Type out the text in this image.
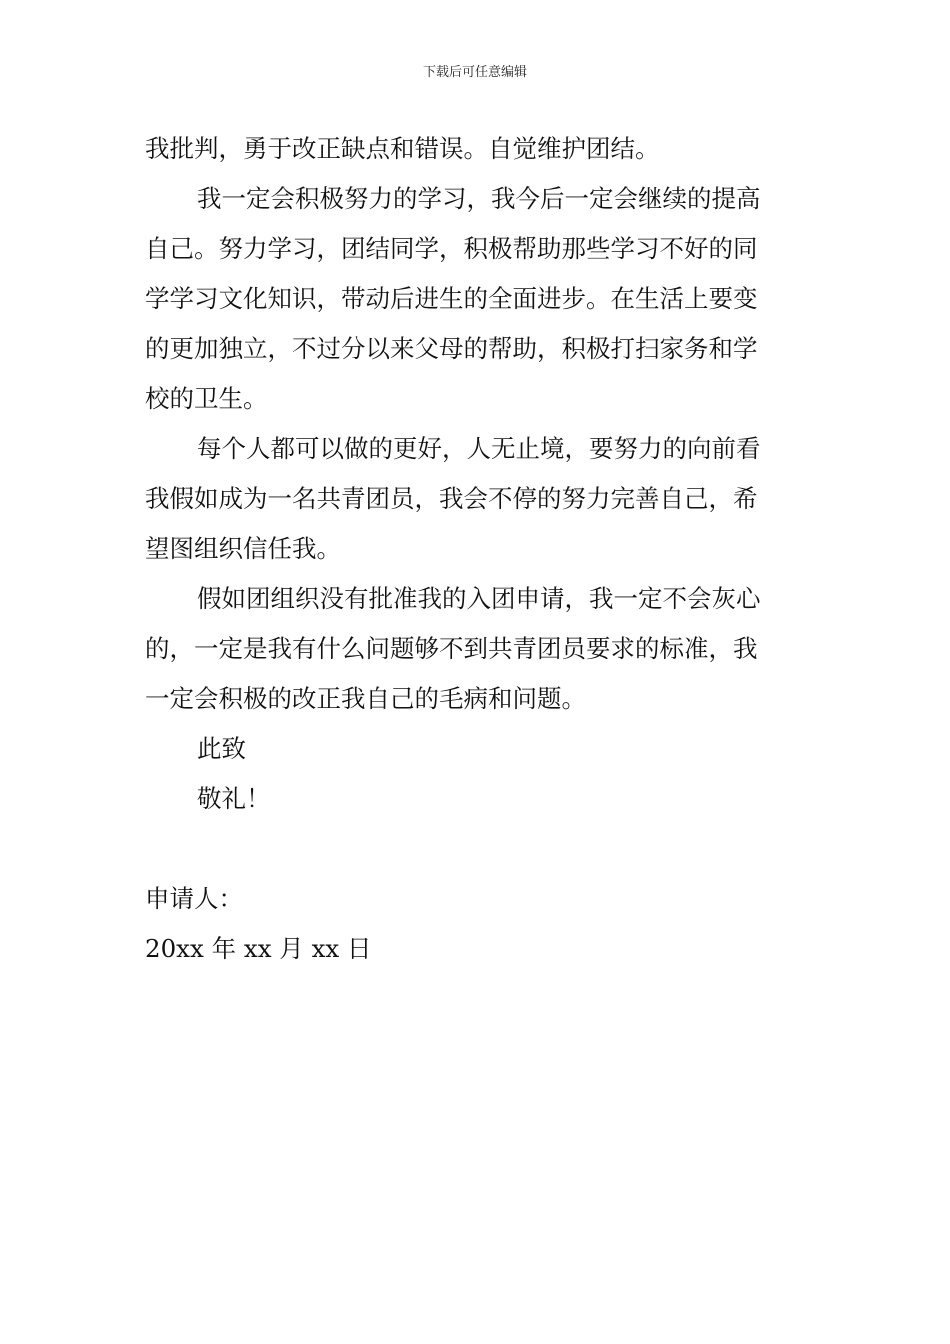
下载后可任意编辑
我批判，勇于改正缺点和错误。自觉维护团结。
我一定会积极努力的学习，我今后一定会继续的提高
自己。努力学习，团结同学，积极帮助那些学习不好的同
学学习文化知识，带动后进生的全面进步。在生活上要变
的更加独立，不过分以来父母的帮助，积极打扫家务和学
校的卫生。
每个人都可以做的更好，人无止境，要努力的向前看
我假如成为一名共青团员，我会不停的努力完善自己，希
望图组织信任我。
假如团组织没有批准我的入团申请，我一定不会灰心
的，一定是我有什么问题够不到共青团员要求的标准，我
一定会积极的改正我自己的毛病和问题。
此致
敬礼！
申请人：
20xx 年 xx 月 xx 日
